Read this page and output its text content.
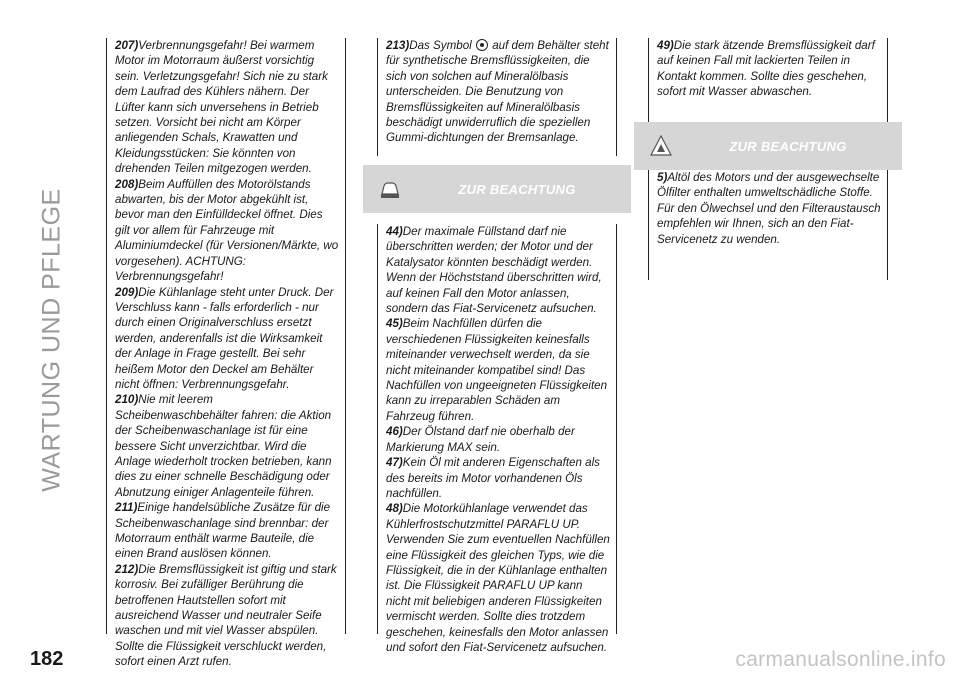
WARTUNG UND PFLEGE

207)Verbrennungsgefahr! Bei warmem Motor im Motorraum äußerst vorsichtig sein. Verletzungsgefahr! Sich nie zu stark dem Laufrad des Kühlers nähern. Der Lüfter kann sich unversehens in Betrieb setzen. Vorsicht bei nicht am Körper anliegenden Schals, Krawatten und Kleidungsstücken: Sie könnten von drehenden Teilen mitgezogen werden.

208)Beim Auffüllen des Motorölstands abwarten, bis der Motor abgekühlt ist, bevor man den Einfülldeckel öffnet. Dies gilt vor allem für Fahrzeuge mit Aluminiumdeckel (für Versionen/Märkte, wo vorgesehen). ACHTUNG: Verbrennungsgefahr!

209)Die Kühlanlage steht unter Druck. Der Verschluss kann - falls erforderlich - nur durch einen Originalverschluss ersetzt werden, anderenfalls ist die Wirksamkeit der Anlage in Frage gestellt. Bei sehr heißem Motor den Deckel am Behälter nicht öffnen: Verbrennungsgefahr.

210)Nie mit leerem Scheibenwaschbehälter fahren: die Aktion der Scheibenwaschanlage ist für eine bessere Sicht unverzichtbar. Wird die Anlage wiederholt trocken betrieben, kann dies zu einer schnelle Beschädigung oder Abnutzung einiger Anlagenteile führen.

211)Einige handelsübliche Zusätze für die Scheibenwaschanlage sind brennbar: der Motorraum enthält warme Bauteile, die einen Brand auslösen können.

212)Die Bremsflüssigkeit ist giftig und stark korrosiv. Bei zufälliger Berührung die betroffenen Hautstellen sofort mit ausreichend Wasser und neutraler Seife waschen und mit viel Wasser abspülen. Sollte die Flüssigkeit verschluckt werden, sofort einen Arzt rufen.

213)Das Symbol auf dem Behälter steht für synthetische Bremsflüssigkeiten, die sich von solchen auf Mineralölbasis unterscheiden. Die Benutzung von Bremsflüssigkeiten auf Mineralölbasis beschädigt unwiderruflich die speziellen Gummi-dichtungen der Bremsanlage.

ZUR BEACHTUNG

44)Der maximale Füllstand darf nie überschritten werden; der Motor und der Katalysator könnten beschädigt werden. Wenn der Höchststand überschritten wird, auf keinen Fall den Motor anlassen, sondern das Fiat-Servicenetz aufsuchen.

45)Beim Nachfüllen dürfen die verschiedenen Flüssigkeiten keinesfalls miteinander verwechselt werden, da sie nicht miteinander kompatibel sind! Das Nachfüllen von ungeeigneten Flüssigkeiten kann zu irreparablen Schäden am Fahrzeug führen.

46)Der Ölstand darf nie oberhalb der Markierung MAX sein.

47)Kein Öl mit anderen Eigenschaften als des bereits im Motor vorhandenen Öls nachfüllen.

48)Die Motorkühlanlage verwendet das Kühlerfrostschutzmittel PARAFLU UP. Verwenden Sie zum eventuellen Nachfüllen eine Flüssigkeit des gleichen Typs, wie die Flüssigkeit, die in der Kühlanlage enthalten ist. Die Flüssigkeit PARAFLU UP kann nicht mit beliebigen anderen Flüssigkeiten vermischt werden. Sollte dies trotzdem geschehen, keinesfalls den Motor anlassen und sofort den Fiat-Servicenetz aufsuchen.

49)Die stark ätzende Bremsflüssigkeit darf auf keinen Fall mit lackierten Teilen in Kontakt kommen. Sollte dies geschehen, sofort mit Wasser abwaschen.

ZUR BEACHTUNG

5)Altöl des Motors und der ausgewechselte Ölfilter enthalten umweltschädliche Stoffe. Für den Ölwechsel und den Filteraustausch empfehlen wir Ihnen, sich an den Fiat-Servicenetz zu wenden.

182	carmanualsonline.info
